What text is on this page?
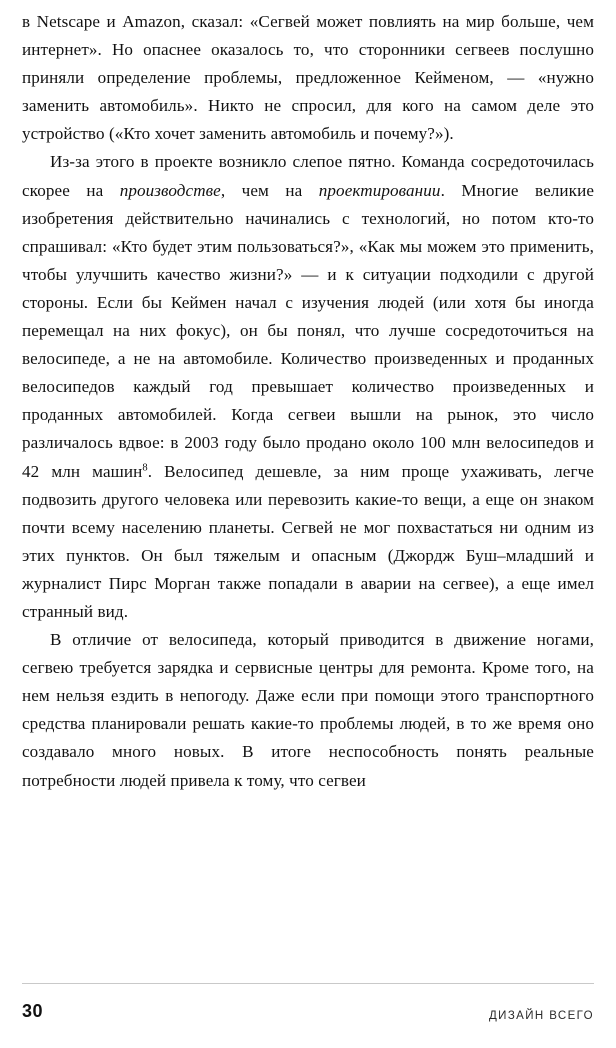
в Netscape и Amazon, сказал: «Сегвей может повлиять на мир больше, чем интернет». Но опаснее оказалось то, что сторонники сегвеев послушно приняли определение проблемы, предложенное Кейменом, — «нужно заменить автомобиль». Никто не спросил, для кого на самом деле это устройство («Кто хочет заменить автомобиль и почему?»).

Из-за этого в проекте возникло слепое пятно. Команда сосредоточилась скорее на производстве, чем на проектировании. Многие великие изобретения действительно начинались с технологий, но потом кто-то спрашивал: «Кто будет этим пользоваться?», «Как мы можем это применить, чтобы улучшить качество жизни?» — и к ситуации подходили с другой стороны. Если бы Кеймен начал с изучения людей (или хотя бы иногда перемещал на них фокус), он бы понял, что лучше сосредоточиться на велосипеде, а не на автомобиле. Количество произведенных и проданных велосипедов каждый год превышает количество произведенных и проданных автомобилей. Когда сегвеи вышли на рынок, это число различалось вдвое: в 2003 году было продано около 100 млн велосипедов и 42 млн машин$^8$. Велосипед дешевле, за ним проще ухаживать, легче подвозить другого человека или перевозить какие-то вещи, а еще он знаком почти всему населению планеты. Сегвей не мог похвастаться ни одним из этих пунктов. Он был тяжелым и опасным (Джордж Буш–младший и журналист Пирс Морган также попадали в аварии на сегвее), а еще имел странный вид.

В отличие от велосипеда, который приводится в движение ногами, сегвею требуется зарядка и сервисные центры для ремонта. Кроме того, на нем нельзя ездить в непогоду. Даже если при помощи этого транспортного средства планировали решать какие-то проблемы людей, в то же время оно создавало много новых. В итоге неспособность понять реальные потребности людей привела к тому, что сегвеи

30	ДИЗАЙН ВСЕГО
